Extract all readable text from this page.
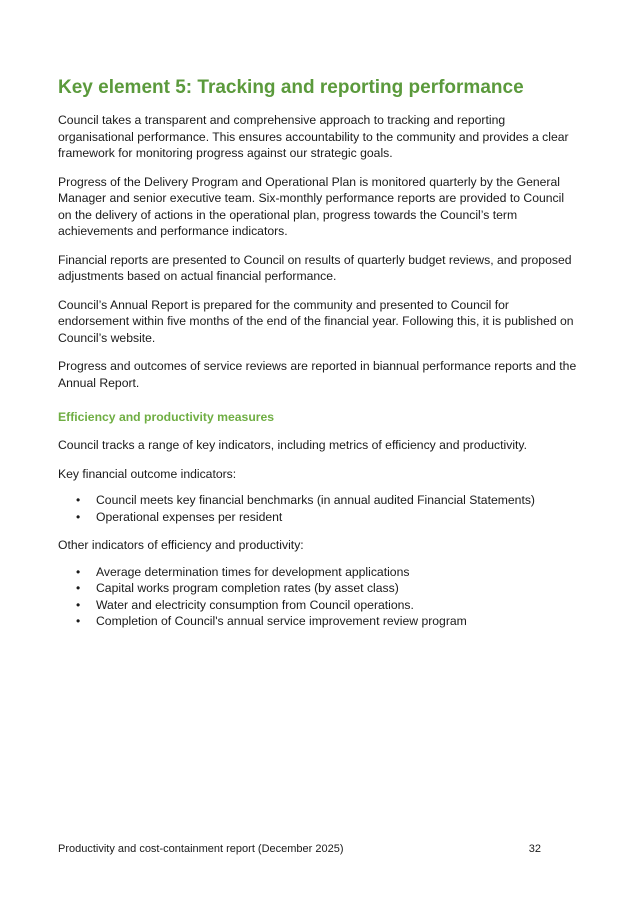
Key element 5: Tracking and reporting performance

Council takes a transparent and comprehensive approach to tracking and reporting organisational performance. This ensures accountability to the community and provides a clear framework for monitoring progress against our strategic goals.

Progress of the Delivery Program and Operational Plan is monitored quarterly by the General Manager and senior executive team. Six-monthly performance reports are provided to Council on the delivery of actions in the operational plan, progress towards the Council’s term achievements and performance indicators.

Financial reports are presented to Council on results of quarterly budget reviews, and proposed adjustments based on actual financial performance.

Council’s Annual Report is prepared for the community and presented to Council for endorsement within five months of the end of the financial year. Following this, it is published on Council’s website.

Progress and outcomes of service reviews are reported in biannual performance reports and the Annual Report.

Efficiency and productivity measures

Council tracks a range of key indicators, including metrics of efficiency and productivity.

Key financial outcome indicators:

• Council meets key financial benchmarks (in annual audited Financial Statements)
• Operational expenses per resident

Other indicators of efficiency and productivity:

• Average determination times for development applications
• Capital works program completion rates (by asset class)
• Water and electricity consumption from Council operations.
• Completion of Council's annual service improvement review program
Productivity and cost-containment report (December 2025)	32
